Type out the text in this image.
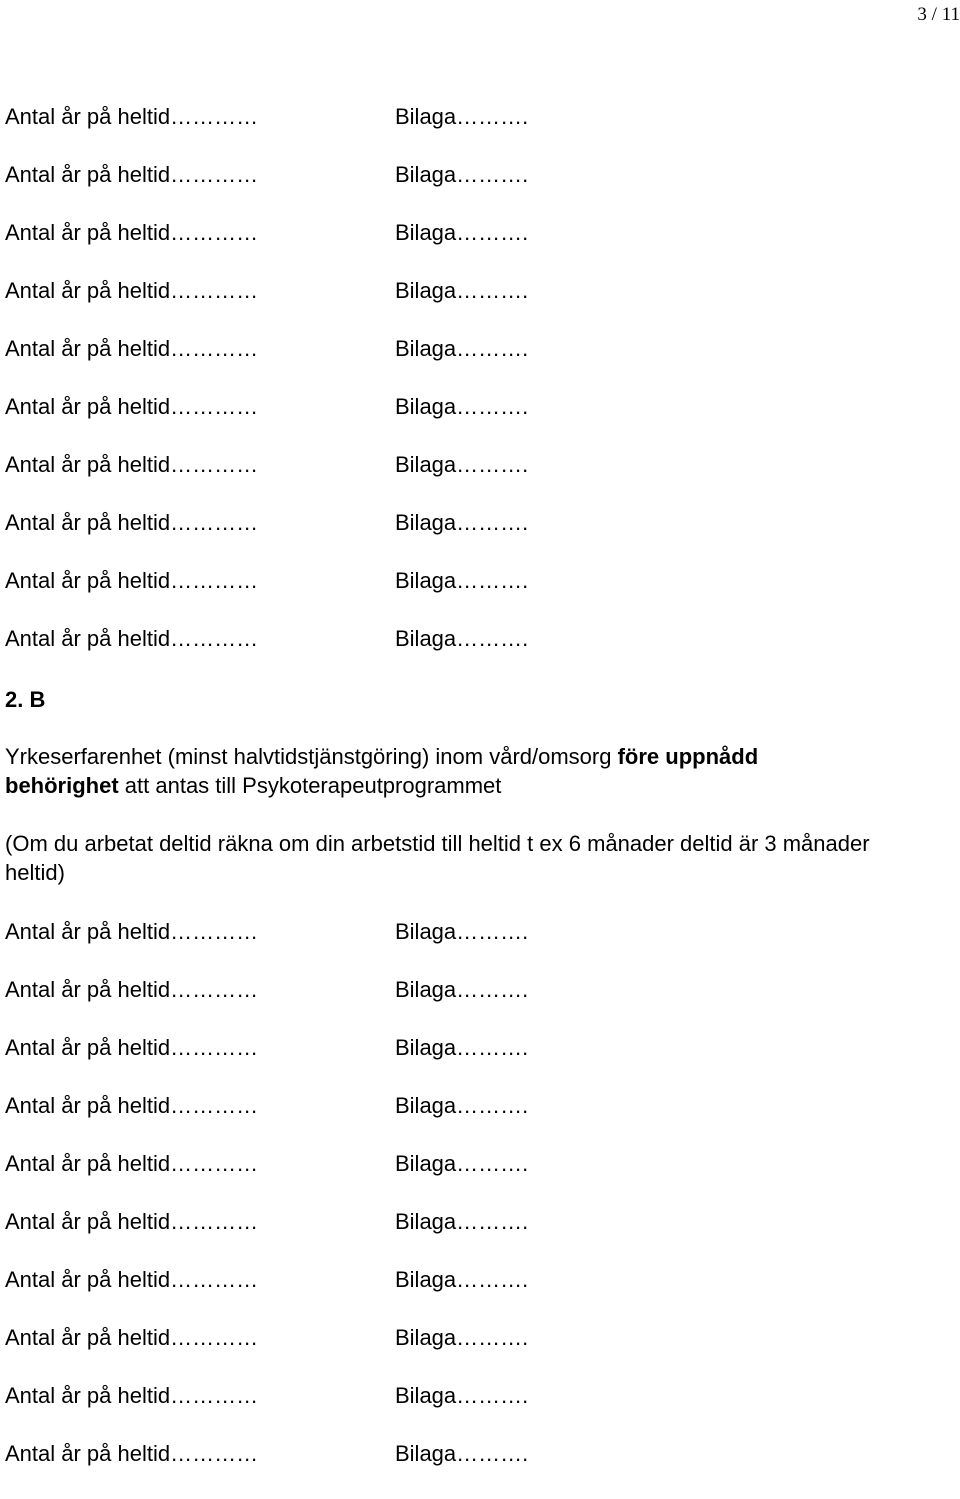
3 / 11
Antal år på heltid…………	Bilaga……….
Antal år på heltid…………	Bilaga……….
Antal år på heltid…………	Bilaga……….
Antal år på heltid…………	Bilaga……….
Antal år på heltid…………	Bilaga……….
Antal år på heltid…………	Bilaga……….
Antal år på heltid…………	Bilaga……….
Antal år på heltid…………	Bilaga……….
Antal år på heltid…………	Bilaga……….
Antal år på heltid…………	Bilaga……….
2. B
Yrkeserfarenhet (minst halvtidstjänstgöring) inom vård/omsorg före uppnådd
behörighet att antas till Psykoterapeutprogrammet
(Om du arbetat deltid räkna om din arbetstid till heltid t ex 6 månader deltid är 3 månader heltid)
Antal år på heltid…………	Bilaga……….
Antal år på heltid…………	Bilaga……….
Antal år på heltid…………	Bilaga……….
Antal år på heltid…………	Bilaga……….
Antal år på heltid…………	Bilaga……….
Antal år på heltid…………	Bilaga……….
Antal år på heltid…………	Bilaga……….
Antal år på heltid…………	Bilaga……….
Antal år på heltid…………	Bilaga……….
Antal år på heltid…………	Bilaga……….
